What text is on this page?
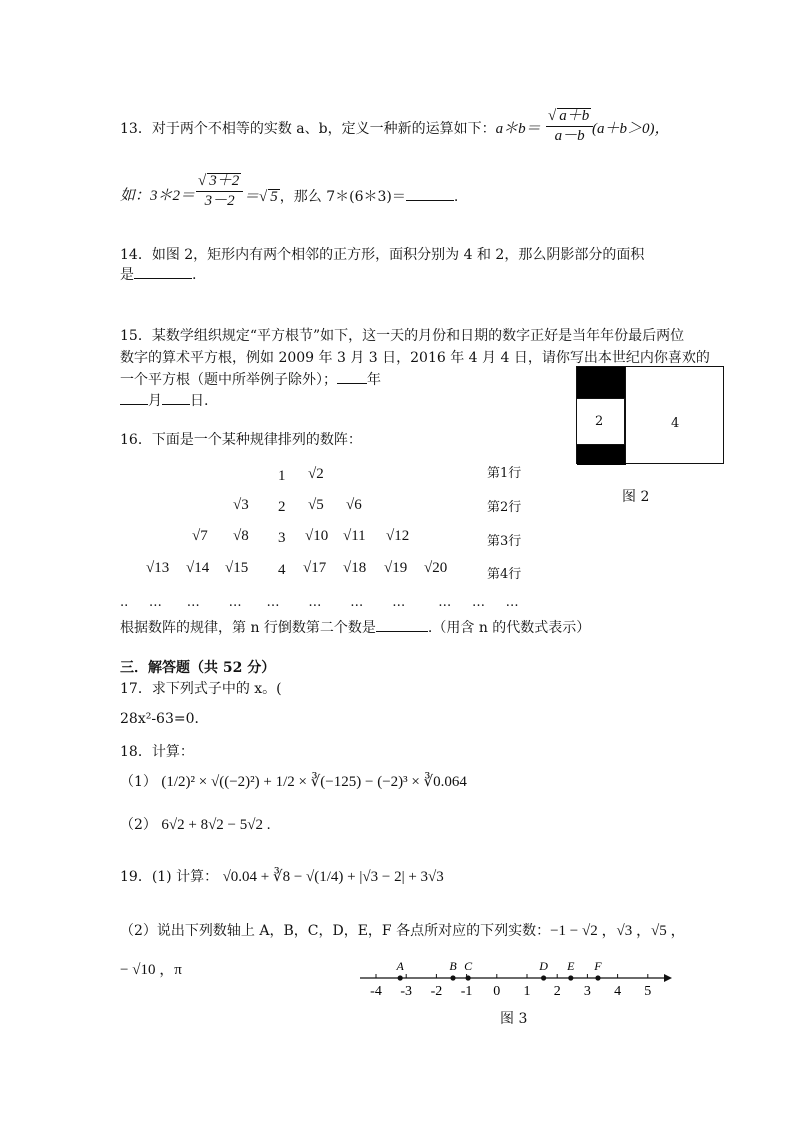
13．对于两个不相等的实数 a、b，定义一种新的运算如下：a＊b＝ $\frac{√ a+b}{a-b}$
(a＋b＞0)，
如：3＊2＝ $\frac{√ 3+2}{3-2}$ ＝√ 5 ，那么 7＊(6＊3)＝	.
14．如图 2，矩形内有两个相邻的正方形，面积分别为 4 和 2，那么阴影部分的面积
是	.
15．某数学组织规定“平方根节”如下，这一天的月份和日期的数字正好是当年年份最后两位
数字的算术平方根，例如 2009 年 3 月 3 日，2016 年 4 月 4 日，请你写出本世纪内你喜欢的
一个平方根（题中所举例子除外）； 年
月 日.
2	4
图 2
16．下面是一个某种规律排列的数阵：
1 √2	第1行
√3 2 √5 √6	第2行
√7 √8 3 √10 √11 √12	第3行
√13 √14 √15 4 √17 √18 √19 √20	第4行
..     …      …       …      …       …       …       …        …     …     …
根据数阵的规律，第 n 行倒数第二个数是	.（用含 n 的代数式表示）
三．解答题（共 52 分）
17．求下列式子中的 x。(
28x²-63=0．
18．计算：
（1） (1/2)² × √((−2)²) + 1/2 × ∛(−125) − (−2)³ × ∛0.064
（2） 6√2 + 8√2 − 5√2 .
19．(1) 计算： √0.04 + ∛8 − √(1/4) + |√3 − 2| + 3√3
（2）说出下列数轴上 A，B，C，D，E，F 各点所对应的下列实数：−1 − √2 ，√3 ，√5 ，
− √10 ，π
-4 -3 -2 -1 0 1 2 3 4 5
A	B C	D E F
图 3
